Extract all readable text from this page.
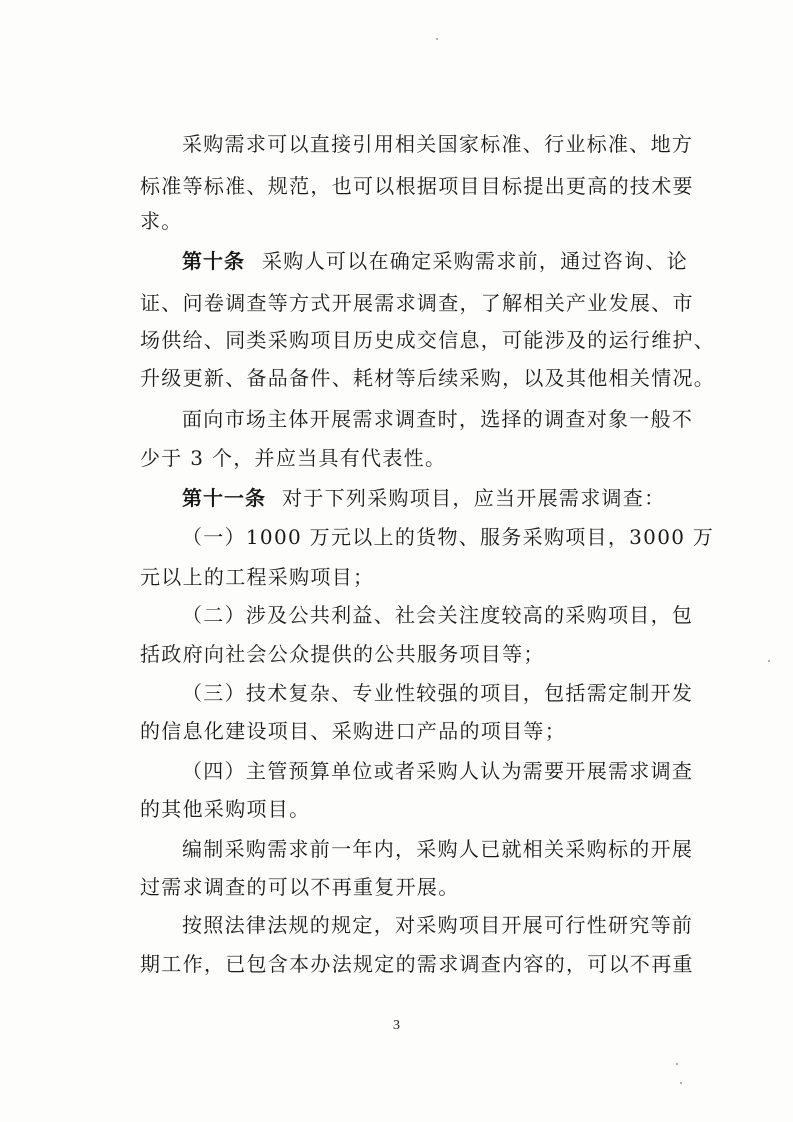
采购需求可以直接引用相关国家标准、行业标准、地方
标准等标准、规范，也可以根据项目目标提出更高的技术要
求。
第十条 采购人可以在确定采购需求前，通过咨询、论
证、问卷调查等方式开展需求调查，了解相关产业发展、市
场供给、同类采购项目历史成交信息，可能涉及的运行维护、
升级更新、备品备件、耗材等后续采购，以及其他相关情况。
面向市场主体开展需求调查时，选择的调查对象一般不
少于 3 个，并应当具有代表性。
第十一条 对于下列采购项目，应当开展需求调查：
（一）1000 万元以上的货物、服务采购项目，3000 万
元以上的工程采购项目；
（二）涉及公共利益、社会关注度较高的采购项目，包
括政府向社会公众提供的公共服务项目等；
（三）技术复杂、专业性较强的项目，包括需定制开发
的信息化建设项目、采购进口产品的项目等；
（四）主管预算单位或者采购人认为需要开展需求调查
的其他采购项目。
编制采购需求前一年内，采购人已就相关采购标的开展
过需求调查的可以不再重复开展。
按照法律法规的规定，对采购项目开展可行性研究等前
期工作，已包含本办法规定的需求调查内容的，可以不再重
3
